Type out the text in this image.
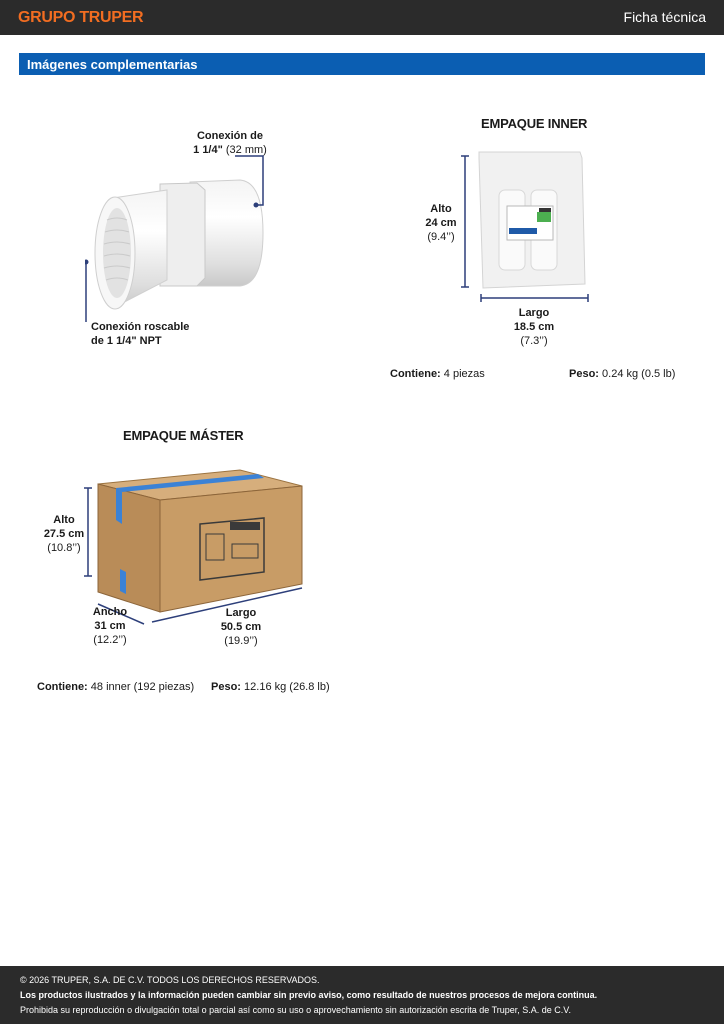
GRUPO TRUPER	Ficha técnica
Imágenes complementarias
Conexión de
1 1/4" (32 mm)
Conexión roscable
de 1 1/4" NPT
EMPAQUE INNER
Alto
24 cm
(9.4’’)
Largo
18.5 cm
(7.3’’)
Contiene: 4 piezas	Peso: 0.24 kg (0.5 lb)
EMPAQUE MÁSTER
Alto
27.5 cm
(10.8’’)
Ancho
31 cm
(12.2’’)
Largo
50.5 cm
(19.9’’)
Contiene: 48 inner (192 piezas) Peso: 12.16 kg (26.8 lb)
© 2026 TRUPER, S.A. DE C.V. TODOS LOS DERECHOS RESERVADOS.
Los productos ilustrados y la información pueden cambiar sin previo aviso, como resultado de nuestros procesos de mejora continua.
Prohibida su reproducción o divulgación total o parcial así como su uso o aprovechamiento sin autorización escrita de Truper, S.A. de C.V.
